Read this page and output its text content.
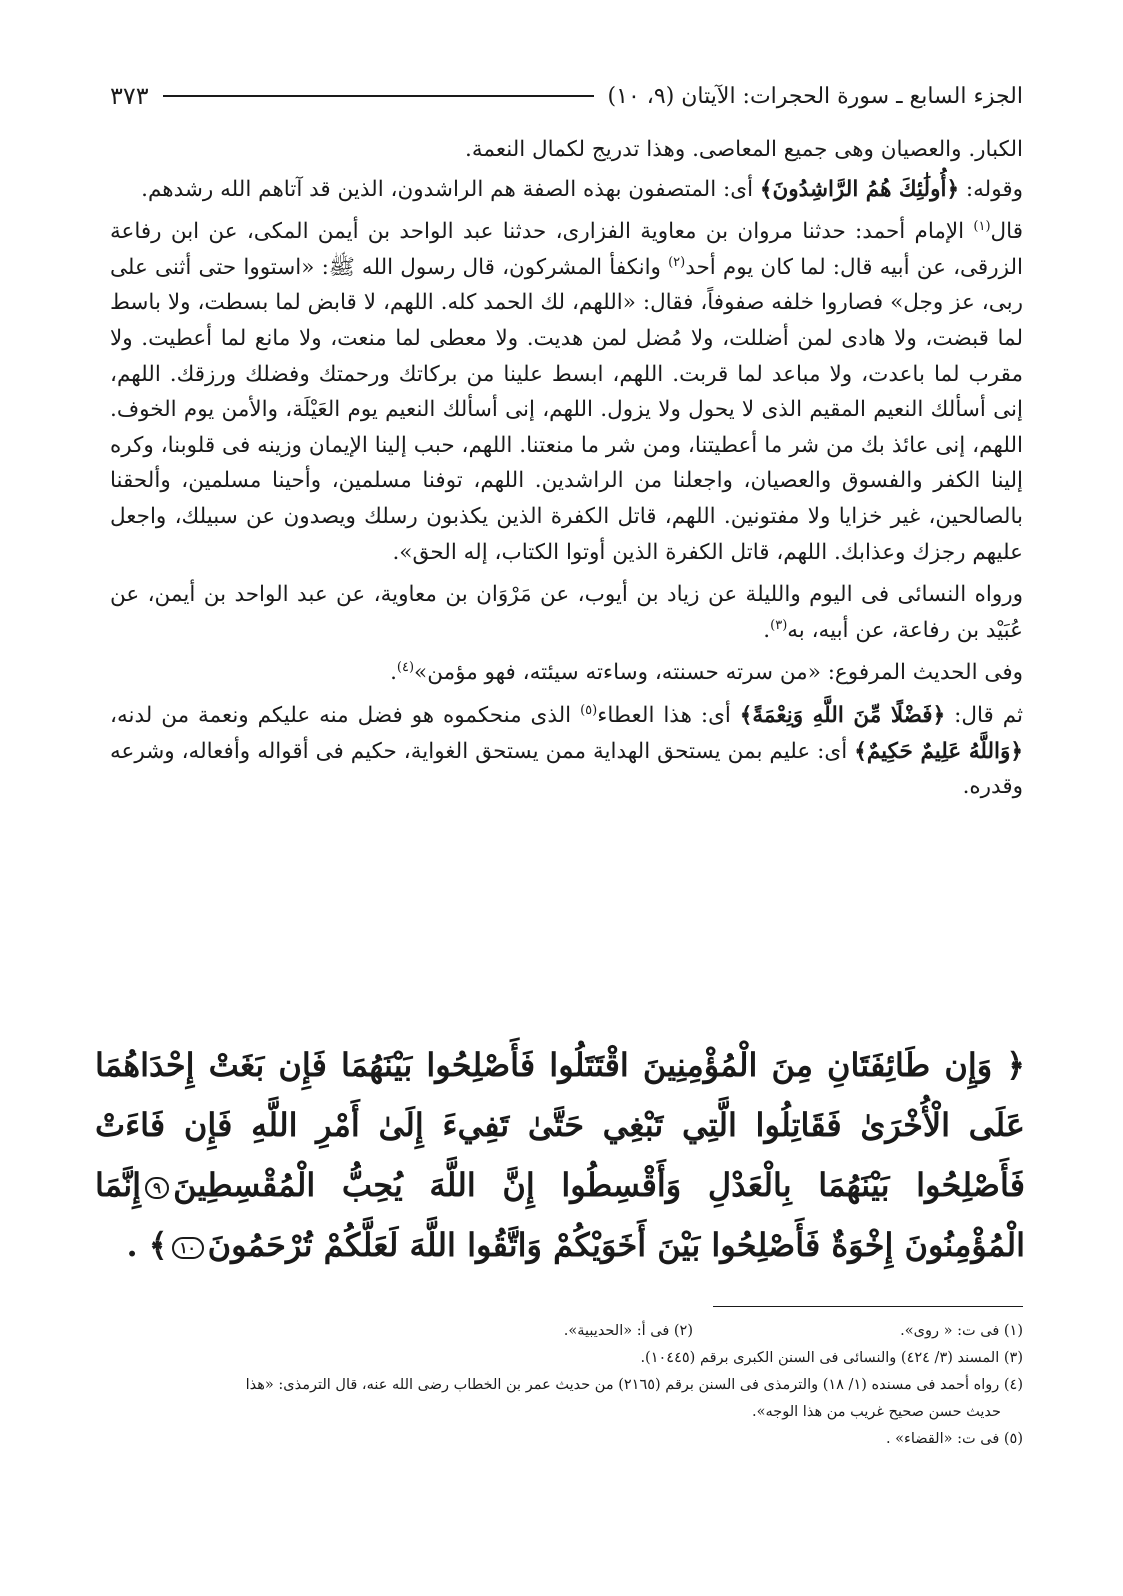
الجزء السابع ـ سورة الحجرات: الآيتان (٩، ١٠)
٣٧٣

الكبار. والعصيان وهى جميع المعاصى. وهذا تدريج لكمال النعمة.

وقوله: ﴿أُولَٰئِكَ هُمُ الرَّاشِدُونَ﴾ أى: المتصفون بهذه الصفة هم الراشدون، الذين قد آتاهم الله رشدهم.

قال$^{(١)}$ الإمام أحمد: حدثنا مروان بن معاوية الفزارى، حدثنا عبد الواحد بن أيمن المكى، عن ابن رفاعة الزرقى، عن أبيه قال: لما كان يوم أحد$^{(٢)}$ وانكفأ المشركون، قال رسول الله ﷺ: «استووا حتى أثنى على ربى، عز وجل» فصاروا خلفه صفوفاً، فقال: «اللهم، لك الحمد كله. اللهم، لا قابض لما بسطت، ولا باسط لما قبضت، ولا هادى لمن أضللت، ولا مُضل لمن هديت. ولا معطى لما منعت، ولا مانع لما أعطيت. ولا مقرب لما باعدت، ولا مباعد لما قربت. اللهم، ابسط علينا من بركاتك ورحمتك وفضلك ورزقك. اللهم، إنى أسألك النعيم المقيم الذى لا يحول ولا يزول. اللهم، إنى أسألك النعيم يوم العَيْلَة، والأمن يوم الخوف. اللهم، إنى عائذ بك من شر ما أعطيتنا، ومن شر ما منعتنا. اللهم، حبب إلينا الإيمان وزينه فى قلوبنا، وكره إلينا الكفر والفسوق والعصيان، واجعلنا من الراشدين. اللهم، توفنا مسلمين، وأحينا مسلمين، وألحقنا بالصالحين، غير خزايا ولا مفتونين. اللهم، قاتل الكفرة الذين يكذبون رسلك ويصدون عن سبيلك، واجعل عليهم رجزك وعذابك. اللهم، قاتل الكفرة الذين أوتوا الكتاب، إله الحق».

ورواه النسائى فى اليوم والليلة عن زياد بن أيوب، عن مَرْوَان بن معاوية، عن عبد الواحد بن أيمن، عن عُبَيْد بن رفاعة، عن أبيه، به$^{(٣)}$.

وفى الحديث المرفوع: «من سرته حسنته، وساءته سيئته، فهو مؤمن»$^{(٤)}$.

ثم قال: ﴿فَضْلًا مِّنَ اللَّهِ وَنِعْمَةً﴾ أى: هذا العطاء$^{(٥)}$ الذى منحكموه هو فضل منه عليكم ونعمة من لدنه، ﴿وَاللَّهُ عَلِيمٌ حَكِيمٌ﴾ أى: عليم بمن يستحق الهداية ممن يستحق الغواية، حكيم فى أقواله وأفعاله، وشرعه وقدره.

﴿ وَإِن طَائِفَتَانِ مِنَ الْمُؤْمِنِينَ اقْتَتَلُوا فَأَصْلِحُوا بَيْنَهُمَا فَإِن بَغَتْ إِحْدَاهُمَا عَلَى الْأُخْرَىٰ فَقَاتِلُوا الَّتِي تَبْغِي حَتَّىٰ تَفِيءَ إِلَىٰ أَمْرِ اللَّهِ فَإِن فَاءَتْ فَأَصْلِحُوا بَيْنَهُمَا بِالْعَدْلِ وَأَقْسِطُوا إِنَّ اللَّهَ يُحِبُّ الْمُقْسِطِينَ٩إِنَّمَا الْمُؤْمِنُونَ إِخْوَةٌ فَأَصْلِحُوا بَيْنَ أَخَوَيْكُمْ وَاتَّقُوا اللَّهَ لَعَلَّكُمْ تُرْحَمُونَ١٠﴾ .
(١) فى ت: « روى».
(٢) فى أ: «الحديبية».
(٣) المسند (٣/ ٤٢٤) والنسائى فى السنن الكبرى برقم (١٠٤٤٥).
(٤) رواه أحمد فى مسنده (١/ ١٨) والترمذى فى السنن برقم (٢١٦٥) من حديث عمر بن الخطاب رضى الله عنه، قال الترمذى: «هذا
حديث حسن صحيح غريب من هذا الوجه».
(٥) فى ت: «القضاء» .
